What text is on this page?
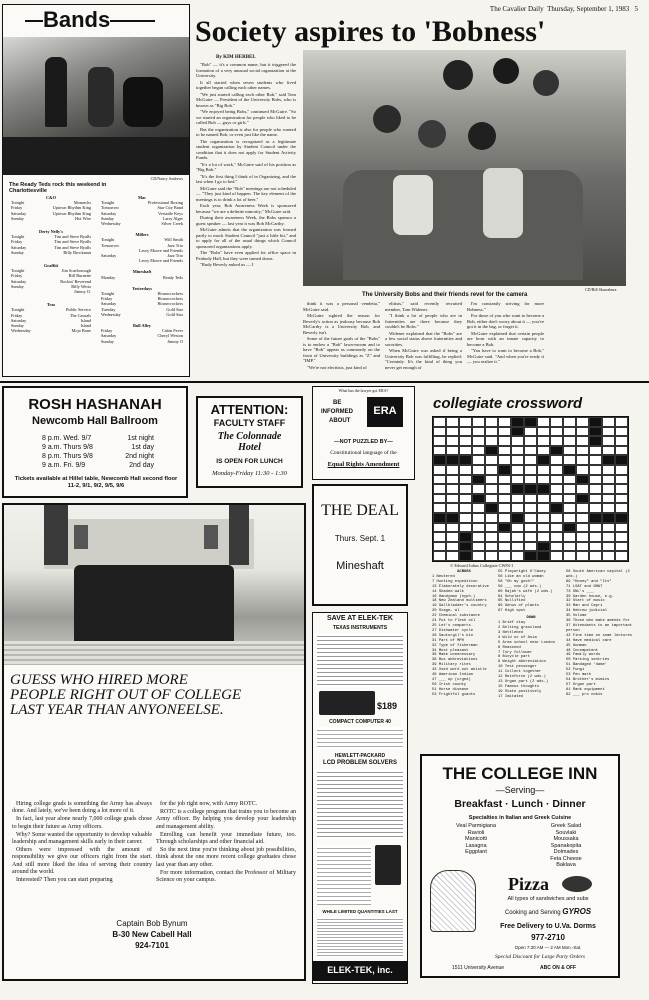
The Cavalier Daily Thursday, September 1, 1983 5
Bands
CD/Nancy Andrews
The Ready Teds rock this weekend in Charlottesville
C&O
Tonight	Monarchs
Friday	Uptown Rhythm King
Saturday	Uptown Rhythm King
Sunday	Hot Wire
Derty Nelly's
Tonight	Tim and Steve Ryalls
Friday	Tim and Steve Ryalls
Saturday	Tim and Steve Ryalls
Sunday	Billy Brockman
Graffiti
Tonight	Jim Scarborough
Friday	Bill Burnette
Saturday	Rockin' Reverend
Sunday	Billy Wertz
Jimmy O.
Tras
Tonight	Public Service
Friday	The Casuals
Saturday	Island
Sunday	Island
Wednesday	Mojo Bone
Mac
Tonight	Professional Boxing
Tomorrow	Star City Band
Saturday	Versatile Keys
Sunday	Larry Alger
Wednesday	Silver Creek
Millers
Tonight	Will Smith
Tomorrow	Jazz Trio
Leroy Moore and Friends
Saturday	Jazz Trio
Leroy Moore and Friends
Mineshaft
Monday	Ready Teds
Yesterdays
Tonight	Housecrockers
Friday	Housecrockers
Saturday	Housecrockers
Tuesday	Gold Star
Wednesday	Gold Star
Bull Alley
Friday	Cabin Fever
Saturday	Cheryl Weston
Sunday	Jimmy O
Society aspires to 'Bobness'
By KIM HERBEL

"Bob" — it's a common name, but it triggered the formation of a very unusual social organization at the University.

It all started when seven students who lived together began calling each other names.

"We just started calling each other Bob," said Tom McGuire — President of the University Bobs, who is known as "Big Bob."

"We enjoyed being Bobs," continued McGuire. "So we started an organization for people who liked to be called Bob — guys or girls."

But the organization is also for people who wanted to be named Bob, or even just like the name.

The organization is recognized as a legitimate student organization by Student Council under the condition that it does not apply for Student Activity Funds.

"It's a lot of work," McGuire said of his position as "Big Bob."

"It's the first thing I think of in Organizing, and the last when I go to bed."

McGuire said the "Bob" meetings are not scheduled — "They just kind of happen. The key element of the meetings is to drink a lot of beer."

Each year, Bob Awareness Week is sponsored because "we are a definite minority," McGuire said.

During their awareness Week, the Bobs sponsor a guest speaker — last year it was Bob McCarthy.

McGuire admits that the organization was formed partly to mock Student Council "just a little bit," and to apply for all of the usual things which Council sponsored organizations apply.

The "Bobs" have even applied for office space in Peabody Hall, but they were turned down.

"Rudy Beverly nuked us — I

CD/Bill Skawabura
The University Bobs and their friends revel for the camera

think it was a personal vendetta," McGuire said.

McGuire sighted the reason for Beverly's action as jealousy because Bob McCarthy is a University Bob, and Beverly isn't.

Some of the future goals of the "Bobs" is to endow a "Bob" lawn-nroom and to have "Bob" appear as commonly on the front of University buildings as "Z" and "IMP."

"We're not elecitists, just kind of

elitists," said recently recruited member, Tom Widener.

"I think a lot of people who are in fraternities are there because they couldn't be Bobs."

Widener explained that the "Bobs" are a few social status above fraternities and sororities.

When McGuire was asked if being a University Bob was fulfilling, he replied: "Certainly. It's the kind of thing you never get enough of

I'm constantly striving for more Bobness."

For those of you who want to become a Bob, either don't worry about it — you've got it in the bag, or forget it.

McGuire explained that certain people are born with an innate capacity to become a Bob.

"You have to want to become a Bob," McGuire said. "And when you're ready it — you realize it."

ROSH HASHANAH
Newcomb Hall Ballroom
8 p.m. Wed. 9/7	1st night
9 a.m. Thurs 9/8	1st day
8 p.m. Thurs 9/8	2nd night
9 a.m. Fri. 9/9	2nd day
Tickets available at Hillel table, Newcomb Hall second floor 11-2, 9/1, 9/2, 9/5, 9/6
ATTENTION:
FACULTY STAFF
The Colonnade Hotel
IS OPEN FOR LUNCH
Monday-Friday 11:30 - 1:30
What has the lawyer got ERA?
BE
INFORMED
ABOUT
ERA
—NOT PUZZLED BY—
Constitutional language of the
Equal Rights Amendment
THE DEAL
Thurs. Sept. 1
Mineshaft
SAVE AT ELEK-TEK
TEXAS INSTRUMENTS
$189
COMPACT COMPUTER 40
HEWLETT-PACKARD
LCD PROBLEM SOLVERS
WHILE LIMITED QUANTITIES LAST
ELEK-TEK, inc.
collegiate crossword
© Edward Julius Collegiate CW83-1
ACROSS
1 Neutered
7 Hunting expedition
13 Elaborately decorative
14 Shaded walk
16 Handyman (hyph.)
18 New Zealand multimers
19 Gallbladder's country
20 Stage, wl
22 Chemical substance
24 Put to flesh oil
25 Let's comparts
27 Dishwater cycle
28 Sautorgil's kin
31 Part of MPH
32 Type of fisherman
34 Most pleasant
36 Make unnecessary
38 Bus abbreviations
39 Military rites
43 Used word out whistle
46 American Indian
47 ___ up (urged)
50 Irish county
51 Horse disease
53 Frightful giants
55 Playwright O'Casey
56 Like an old woman
58 "Oh my gosh!"
59 ___ cow (2 wds.)
60 Rajah's wife (2 wds.)
64 Scholarly
65 Nullified
66 Genus of plants
67 High spot
DOWN
1 Brief stay
2 Bolting grassland
3 Nettlebed
4 Wild ox of Asia
5 Area school near London
6 Reasoned
7 Tory follower
8 Bicycle part
9 Weight abbreviation
10 Test pessenger
11 Collect together
12 Reinforce (2 wds.)
13 Organ part (2 wds.)
15 Famous thoughts
19 State positively
17 Imitated
58 South American capital (2 wds.)
69 "Honey" and "Its"
71 LSAT and GMAT
73 SNL's ___
30 Garden house, e.g.
32 Start of music
33 Man and Capri
34 Hebrew judicial
35 Volume
36 Those who make amends for
37 Attendants to an important person
42 Fine time on some lectures
44 Have medical care
45 Gunman
48 Incompetent
49 Family words
50 Parking sentries
51 Bandaged 'dame'
52 Fungi
53 Pen mark
54 Brother's mimics
57 Organ part
61 Rank equipment
62 ___ pro nobis
GUESS WHO HIRED MORE PEOPLE RIGHT OUT OF COLLEGE LAST YEAR THAN ANYONEELSE.

Hiring college grads is something the Army has always done. And lately, we've been doing a lot more of it.

In fact, last year alone nearly 7,000 college grads chose to begin their future as Army officers.

Why? Some wanted the opportunity to develop valuable leadership and management skills early in their career.

Others were impressed with the amount of responsibility we give our officers right from the start. And still more liked the idea of serving their country around the world.

Interested? Then you can start preparing

for the job right now, with Army ROTC.

ROTC is a college program that trains you to become an Army officer. By helping you develop your leadership and management ability.

Enrolling can benefit your immediate future, too. Through scholarships and other financial aid.

So the next time you're thinking about job possibilities, think about the one more recent college graduates chose last year than any other.

For more information, contact the Professor of Military Science on your campus.

Captain Bob Bynum
B-30 New Cabell Hall
924-7101
THE COLLEGE INN
—Serving—
Breakfast · Lunch · Dinner
Specialties in Italian and Greek Cuisine
Veal Parmigiana
Ravioli
Manicotti
Lasagna
Eggplant
Greek Salad
Souvlaki
Moussaka
Spanakopita
Dolmades
Feta Cheese
Baklava
Pizza
All types of sandwiches and subs
Cooking and Serving GYROS
Free Delivery to U.Va. Dorms
977-2710
Open 7:30 AM — 2 AM Mon.-Sat.
Special Discount for Large Party Orders
1511 University Avenue	ABC ON & OFF
